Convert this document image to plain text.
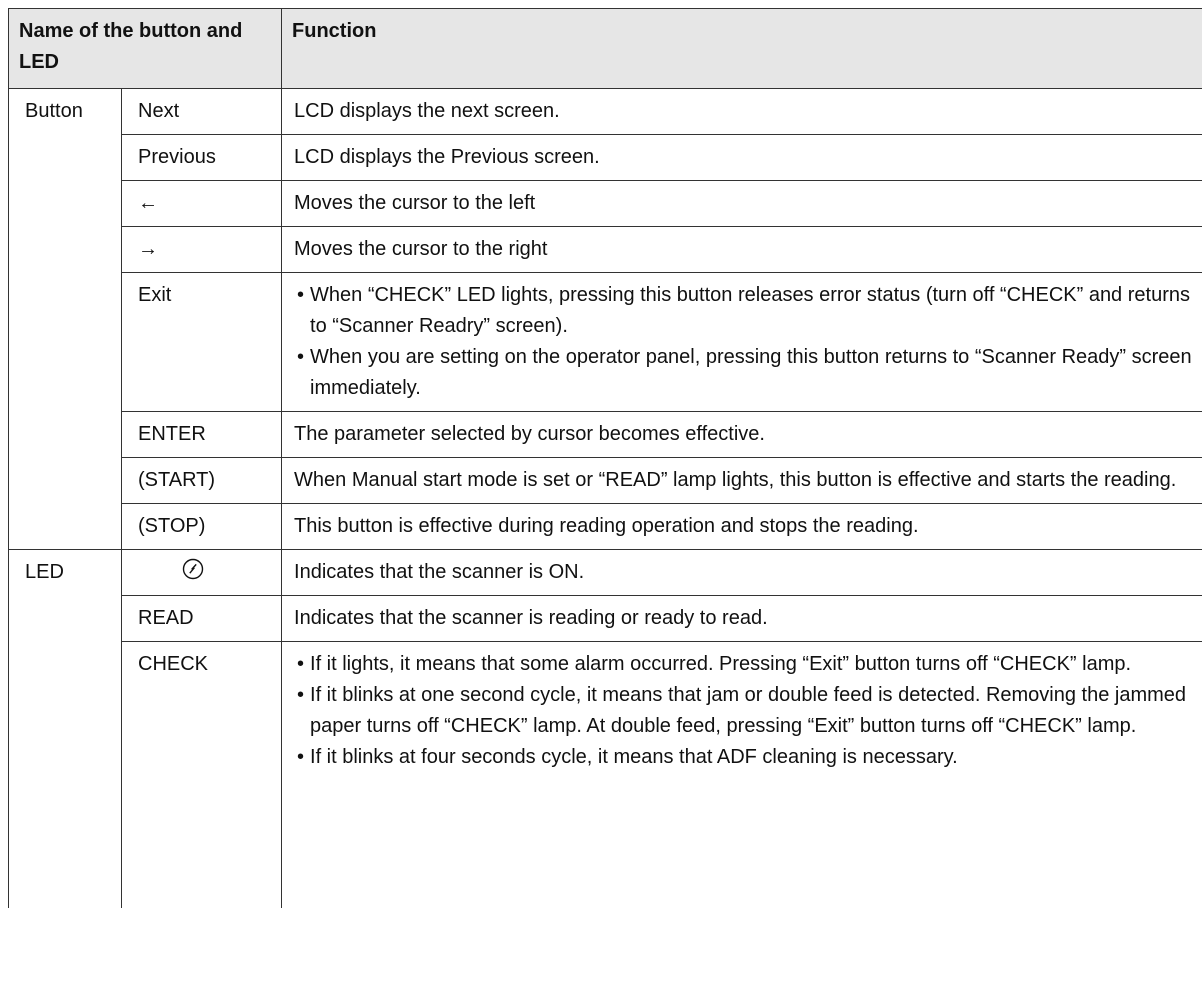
Name of the button and LED		Function
Button	Next	LCD displays the next screen.
	Previous	LCD displays the Previous screen.
	←	Moves the cursor to the left
	→	Moves the cursor to the right
	Exit	• When “CHECK” LED lights, pressing this button releases error status (turn off “CHECK” and returns to “Scanner Readry” screen).
• When you are setting on the operator panel, pressing this button returns to “Scanner Ready” screen immediately.

	ENTER	The parameter selected by cursor becomes effective.
	(START)	When Manual start mode is set or “READ” lamp lights, this button is effective and starts the reading.
	(STOP)	This button is effective during reading operation and stops the reading.
LED		Indicates that the scanner is ON.
	READ	Indicates that the scanner is reading or ready to read.
	CHECK	• If it lights, it means that some alarm occurred. Pressing “Exit” button turns off “CHECK” lamp.
• If it blinks at one second cycle, it means that jam or double feed is detected. Removing the jammed paper turns off “CHECK” lamp. At double feed, pressing “Exit” button turns off “CHECK” lamp.
• If it blinks at four seconds cycle, it means that ADF cleaning is necessary.
